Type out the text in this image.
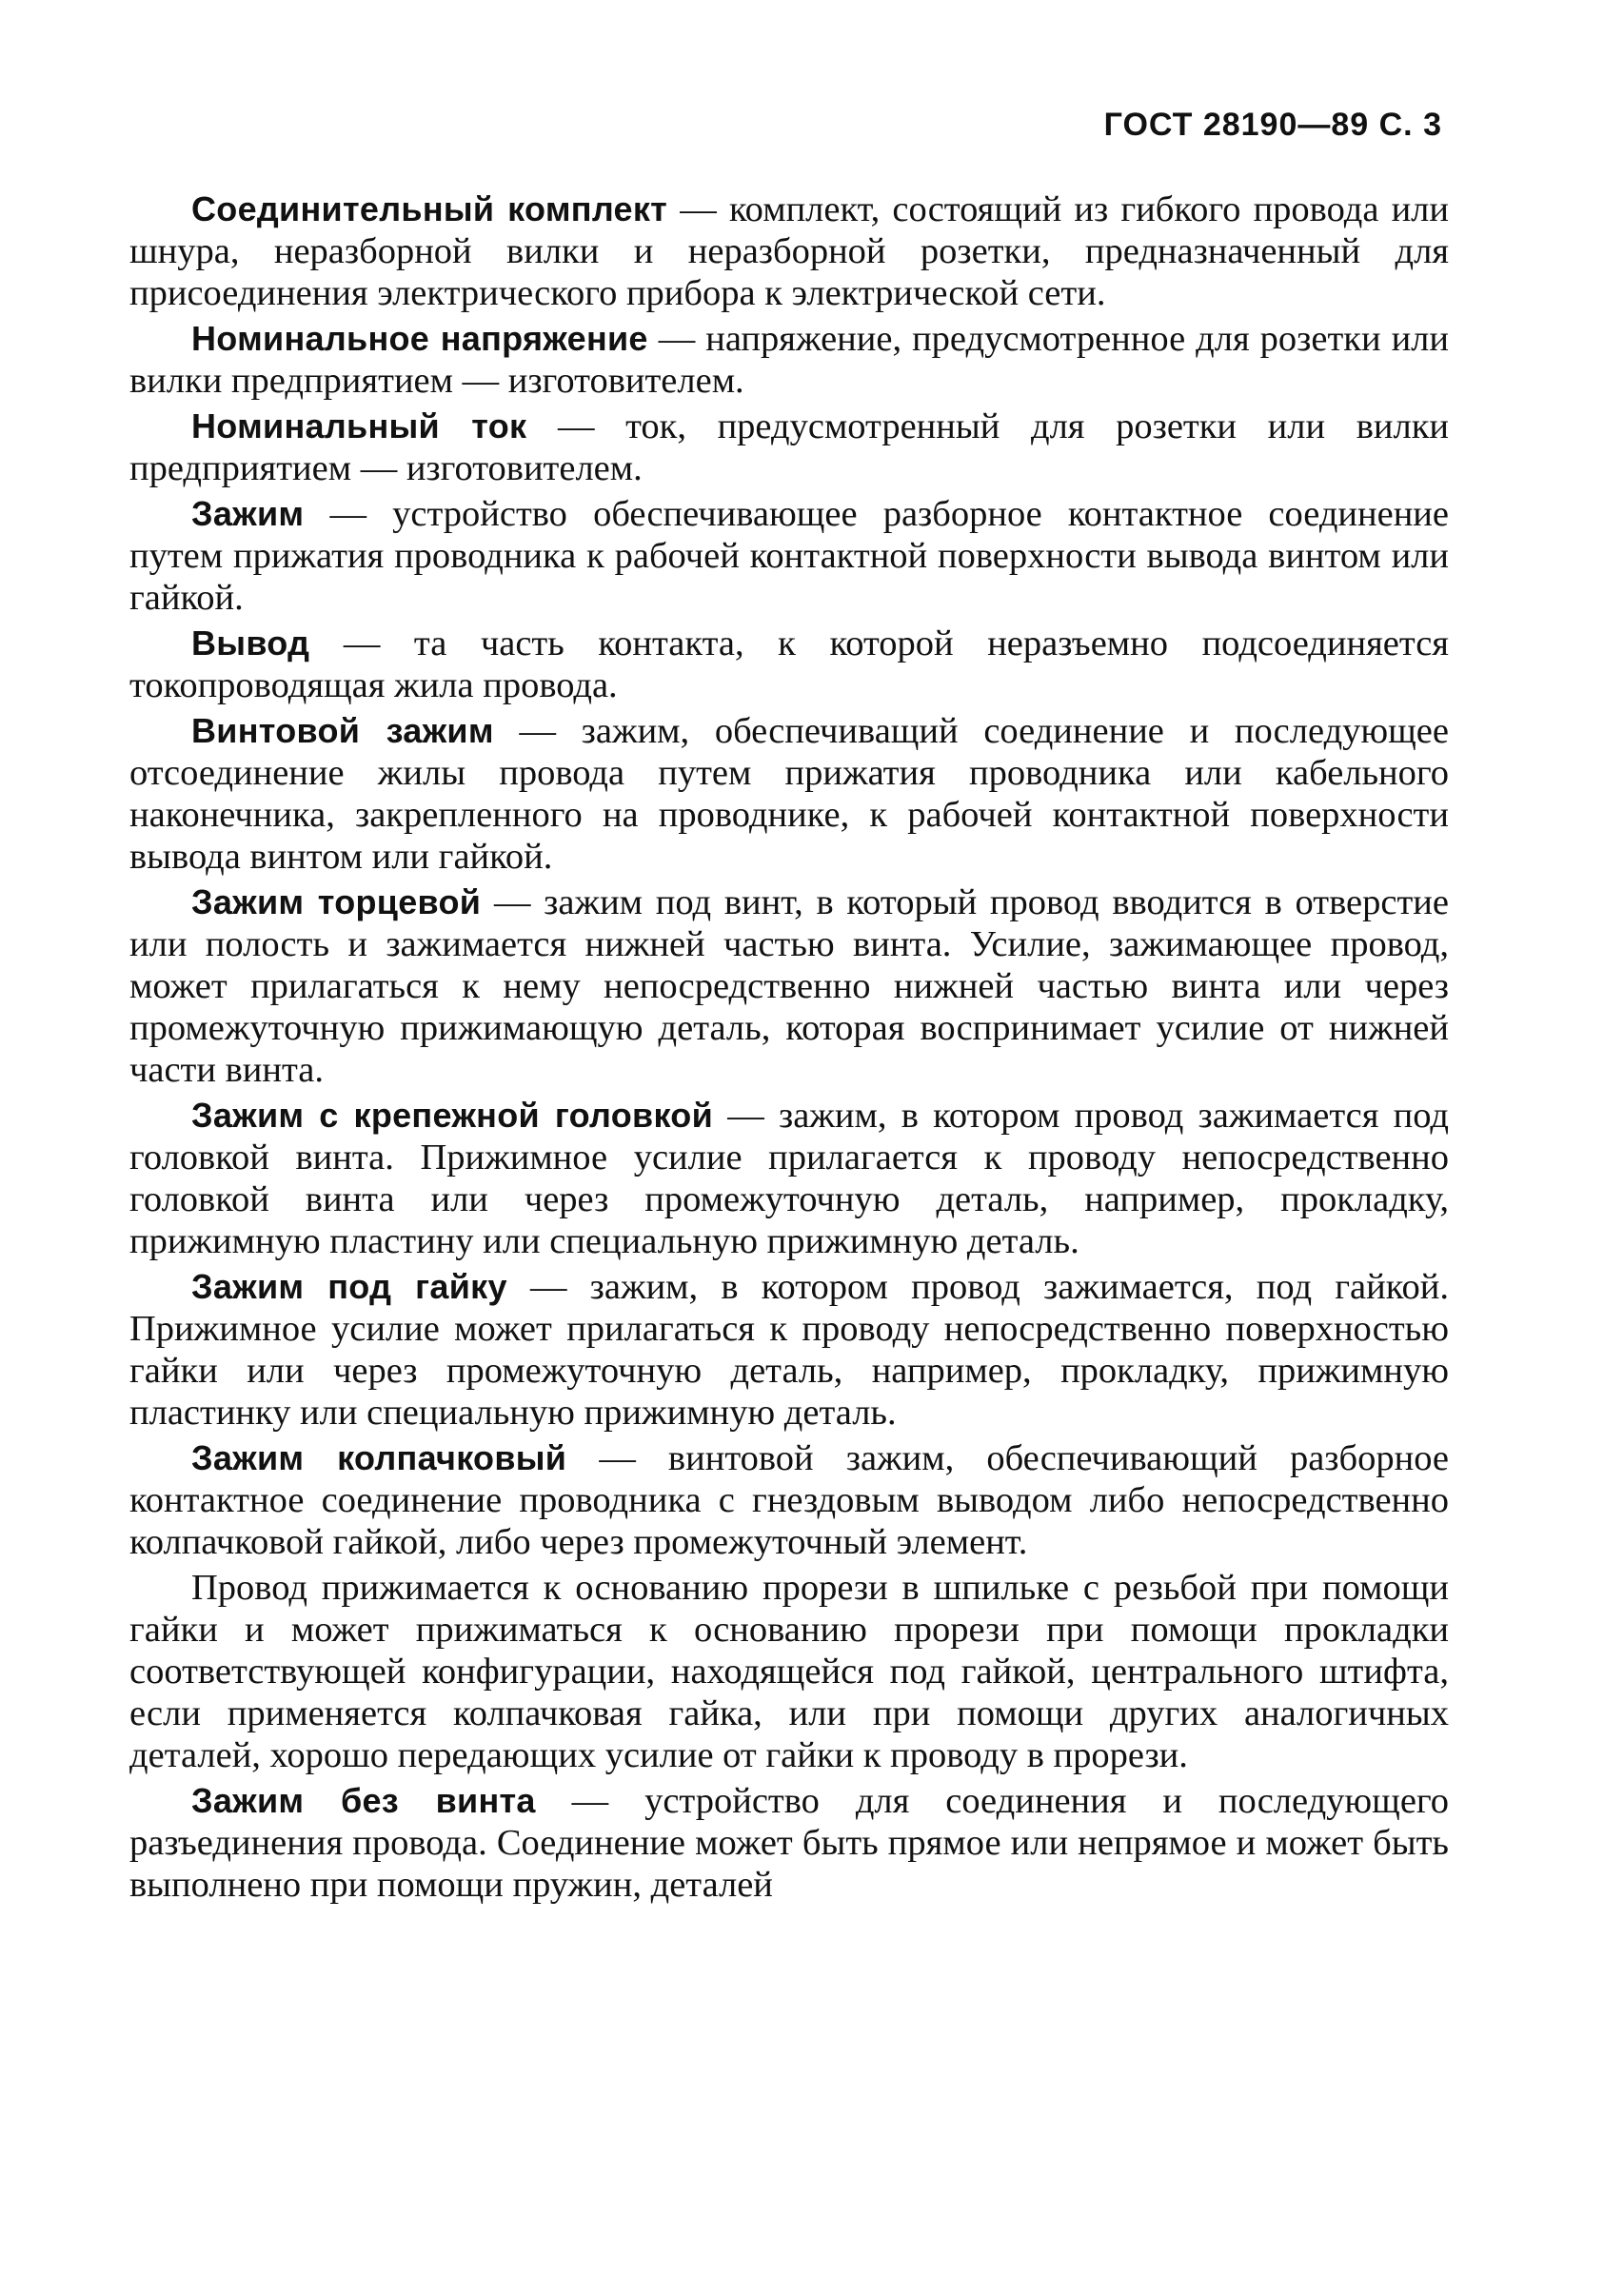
ГОСТ 28190—89 С. 3

Соединительный комплект — комплект, состоящий из гибкого провода или шнура, неразборной вилки и неразборной розетки, предназначенный для присоединения электрического прибора к электрической сети.

Номинальное напряжение — напряжение, предусмотренное для розетки или вилки предприятием — изготовителем.

Номинальный ток — ток, предусмотренный для розетки или вилки предприятием — изготовителем.

Зажим — устройство обеспечивающее разборное контактное соединение путем прижатия проводника к рабочей контактной поверхности вывода винтом или гайкой.

Вывод — та часть контакта, к которой неразъемно подсоединяется токопроводящая жила провода.

Винтовой зажим — зажим, обеспечиващий соединение и последующее отсоединение жилы провода путем прижатия проводника или кабельного наконечника, закрепленного на проводнике, к рабочей контактной поверхности вывода винтом или гайкой.

Зажим торцевой — зажим под винт, в который провод вводится в отверстие или полость и зажимается нижней частью винта. Усилие, зажимающее провод, может прилагаться к нему непосредственно нижней частью винта или через промежуточную прижимающую деталь, которая воспринимает усилие от нижней части винта.

Зажим с крепежной головкой — зажим, в котором провод зажимается под головкой винта. Прижимное усилие прилагается к проводу непосредственно головкой винта или через промежуточную деталь, например, прокладку, прижимную пластину или специальную прижимную деталь.

Зажим под гайку — зажим, в котором провод зажимается, под гайкой. Прижимное усилие может прилагаться к проводу непосредственно поверхностью гайки или через промежуточную деталь, например, прокладку, прижимную пластинку или специальную прижимную деталь.

Зажим колпачковый — винтовой зажим, обеспечивающий разборное контактное соединение проводника с гнездовым выводом либо непосредственно колпачковой гайкой, либо через промежуточный элемент.

Провод прижимается к основанию прорези в шпильке с резьбой при помощи гайки и может прижиматься к основанию прорези при помощи прокладки соответствующей конфигурации, находящейся под гайкой, центрального штифта, если применяется колпачковая гайка, или при помощи других аналогичных деталей, хорошо передающих усилие от гайки к проводу в прорези.

Зажим без винта — устройство для соединения и последующего разъединения провода. Соединение может быть прямое или непрямое и может быть выполнено при помощи пружин, деталей
